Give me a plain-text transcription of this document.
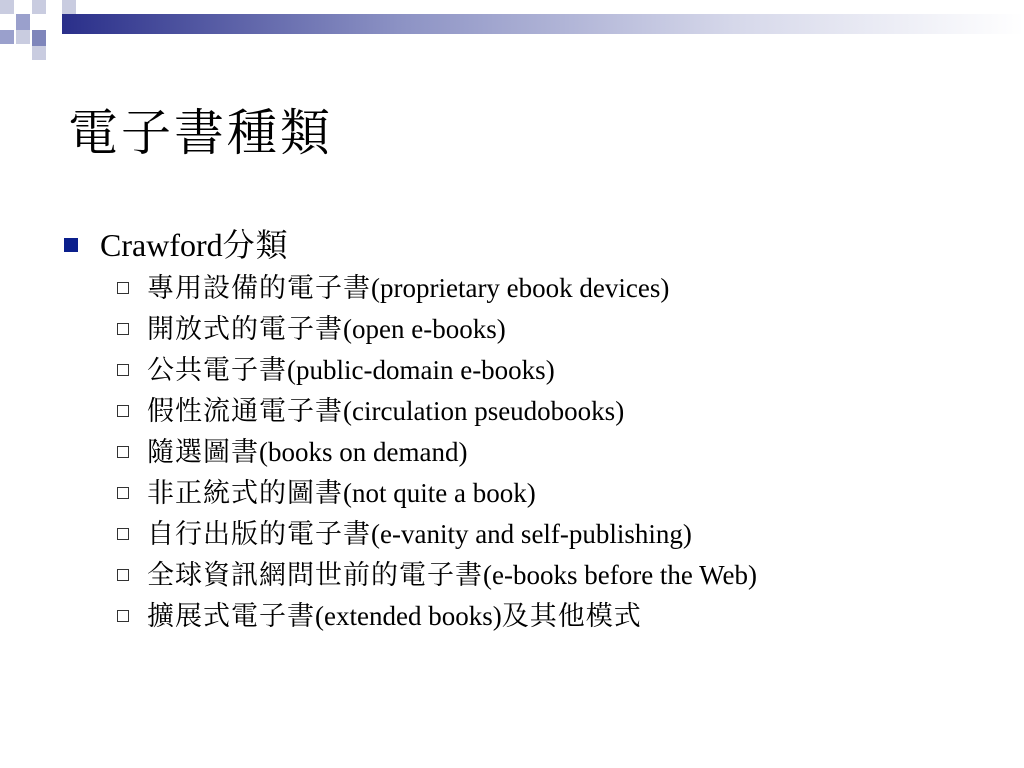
電子書種類
Crawford分類
專用設備的電子書(proprietary ebook devices)
開放式的電子書(open e-books)
公共電子書(public-domain e-books)
假性流通電子書(circulation pseudobooks)
隨選圖書(books on demand)
非正統式的圖書(not quite a book)
自行出版的電子書(e-vanity and self-publishing)
全球資訊網問世前的電子書(e-books before the Web)
擴展式電子書(extended books)及其他模式
